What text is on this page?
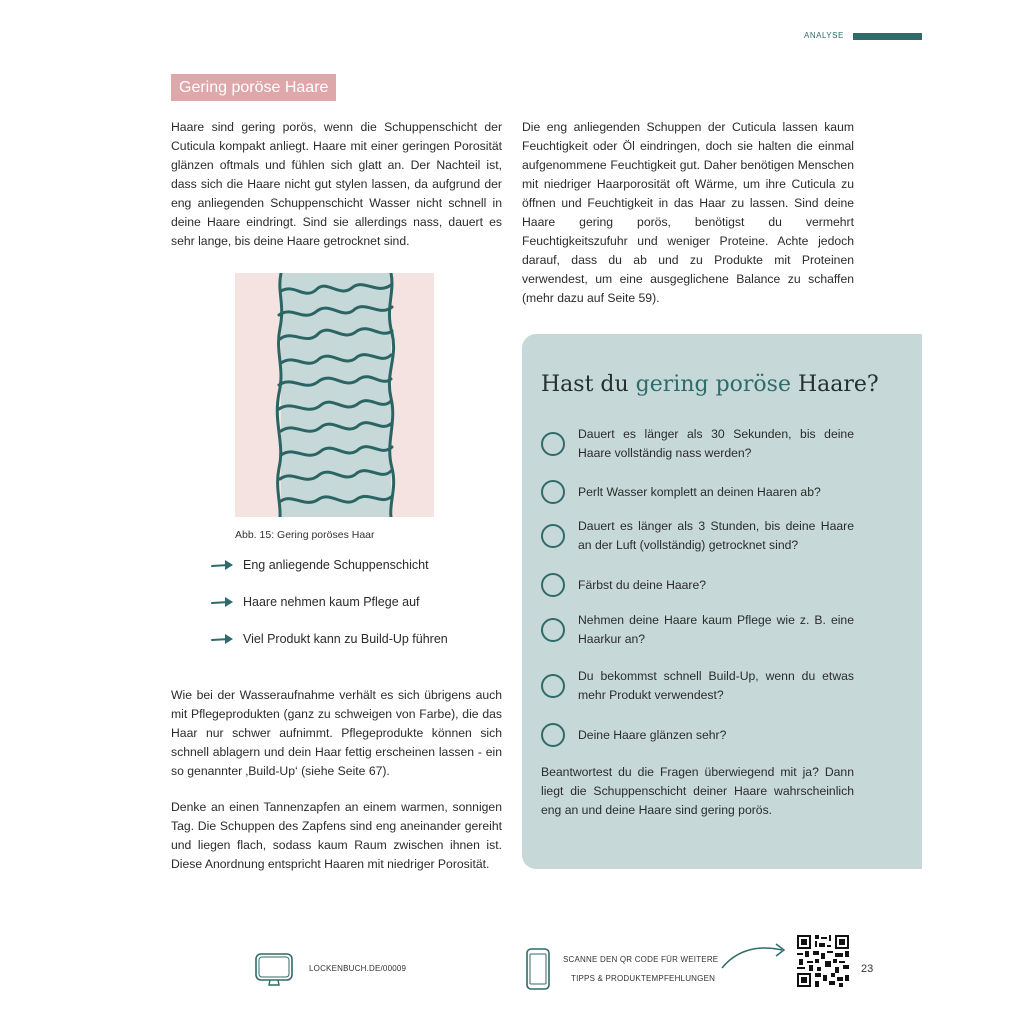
ANALYSE
Gering poröse Haare
Haare sind gering porös, wenn die Schuppenschicht der Cuticula kompakt anliegt. Haare mit einer geringen Porosität glänzen oftmals und fühlen sich glatt an. Der Nachteil ist, dass sich die Haare nicht gut stylen lassen, da aufgrund der eng anliegenden Schuppenschicht Wasser nicht schnell in deine Haare eindringt. Sind sie allerdings nass, dauert es sehr lange, bis deine Haare getrocknet sind.
Die eng anliegenden Schuppen der Cuticula lassen kaum Feuchtigkeit oder Öl eindringen, doch sie halten die einmal aufgenommene Feuchtigkeit gut. Daher benötigen Menschen mit niedriger Haarporosität oft Wärme, um ihre Cuticula zu öffnen und Feuchtigkeit in das Haar zu lassen. Sind deine Haare gering porös, benötigst du vermehrt Feuchtigkeitszufuhr und weniger Proteine. Achte jedoch darauf, dass du ab und zu Produkte mit Proteinen verwendest, um eine ausgeglichene Balance zu schaffen (mehr dazu auf Seite 59).
Abb. 15: Gering poröses Haar
Eng anliegende Schuppenschicht
Haare nehmen kaum Pflege auf
Viel Produkt kann zu Build-Up führen
Wie bei der Wasseraufnahme verhält es sich übrigens auch mit Pflegeprodukten (ganz zu schweigen von Farbe), die das Haar nur schwer aufnimmt. Pflegeprodukte können sich schnell ablagern und dein Haar fettig erscheinen lassen - ein so genannter ‚Build-Up‘ (siehe Seite 67).
Denke an einen Tannenzapfen an einem warmen, sonnigen Tag. Die Schuppen des Zapfens sind eng aneinander gereiht und liegen flach, sodass kaum Raum zwischen ihnen ist. Diese Anordnung entspricht Haaren mit niedriger Porosität.
Hast du gering poröse Haare?
Dauert es länger als 30 Sekunden, bis deine Haare vollständig nass werden?
Perlt Wasser komplett an deinen Haaren ab?
Dauert es länger als 3 Stunden, bis deine Haare an der Luft (vollständig) getrocknet sind?
Färbst du deine Haare?
Nehmen deine Haare kaum Pflege wie z. B. eine Haarkur an?
Du bekommst schnell Build-Up, wenn du etwas mehr Produkt verwendest?
Deine Haare glänzen sehr?
Beantwortest du die Fragen überwiegend mit ja? Dann liegt die Schuppenschicht deiner Haare wahrscheinlich eng an und deine Haare sind gering porös.
LOCKENBUCH.DE/00009
SCANNE DEN QR CODE FÜR WEITERE
TIPPS & PRODUKTEMPFEHLUNGEN
23
